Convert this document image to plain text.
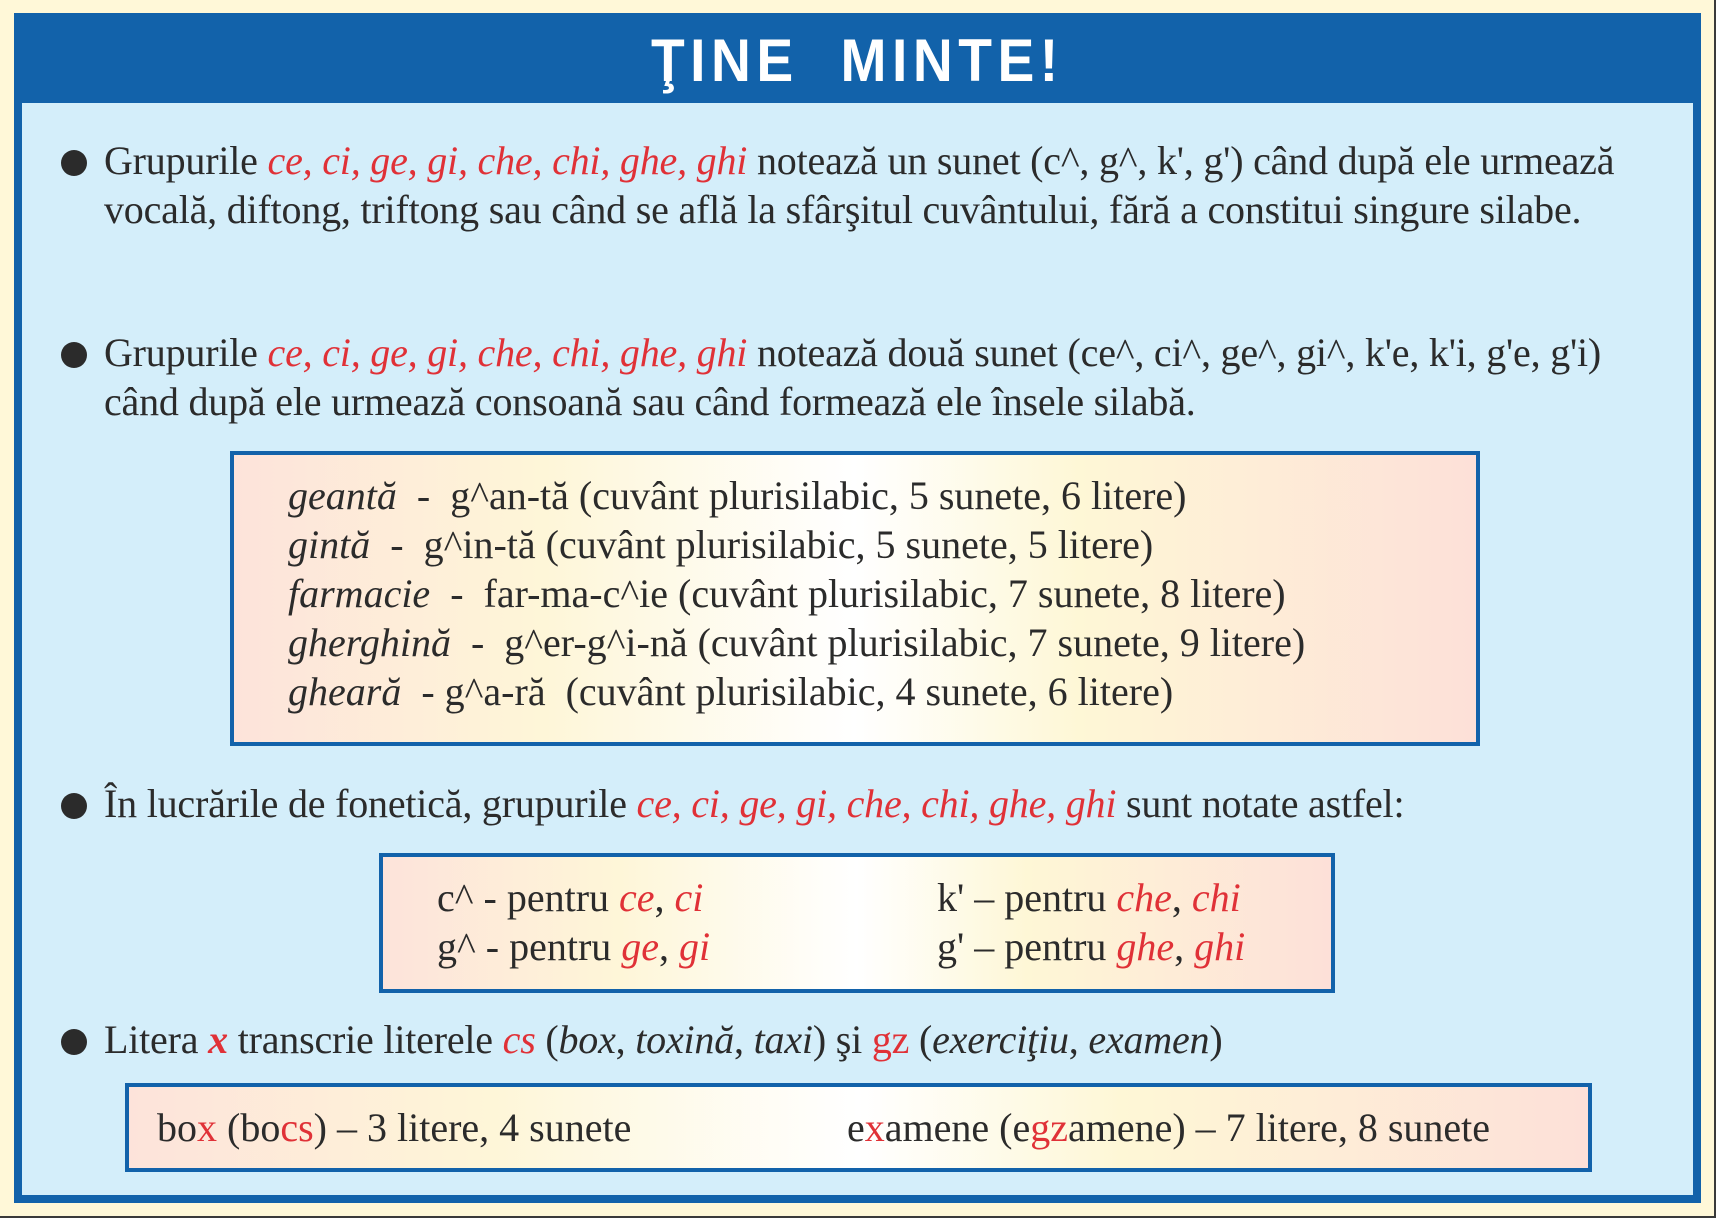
ŢINE  MINTE!
Grupurile ce, ci, ge, gi, che, chi, ghe, ghi notează un sunet (c^, g^, k', g') când după ele urmează vocală, diftong, triftong sau când se află la sfârşitul cuvântului, fără a constitui singure silabe.
Grupurile ce, ci, ge, gi, che, chi, ghe, ghi notează două sunet (ce^, ci^, ge^, gi^, k'e, k'i, g'e, g'i) când după ele urmează consoană sau când formează ele însele silabă.
geantă  -  g^an-tă (cuvânt plurisilabic, 5 sunete, 6 litere)
gintă  -  g^in-tă (cuvânt plurisilabic, 5 sunete, 5 litere)
farmacie  -  far-ma-c^ie (cuvânt plurisilabic, 7 sunete, 8 litere)
gherghină  -  g^er-g^i-nă (cuvânt plurisilabic, 7 sunete, 9 litere)
gheară  - g^a-ră  (cuvânt plurisilabic, 4 sunete, 6 litere)
În lucrările de fonetică, grupurile ce, ci, ge, gi, che, chi, ghe, ghi sunt notate astfel:
c^ - pentru ce, ci
g^ - pentru ge, gi
k' – pentru che, chi
g' – pentru ghe, ghi
Litera x transcrie literele cs (box, toxină, taxi) şi gz (exerciţiu, examen)
box (bocs) – 3 litere, 4 sunete	examene (egzamene) – 7 litere, 8 sunete
